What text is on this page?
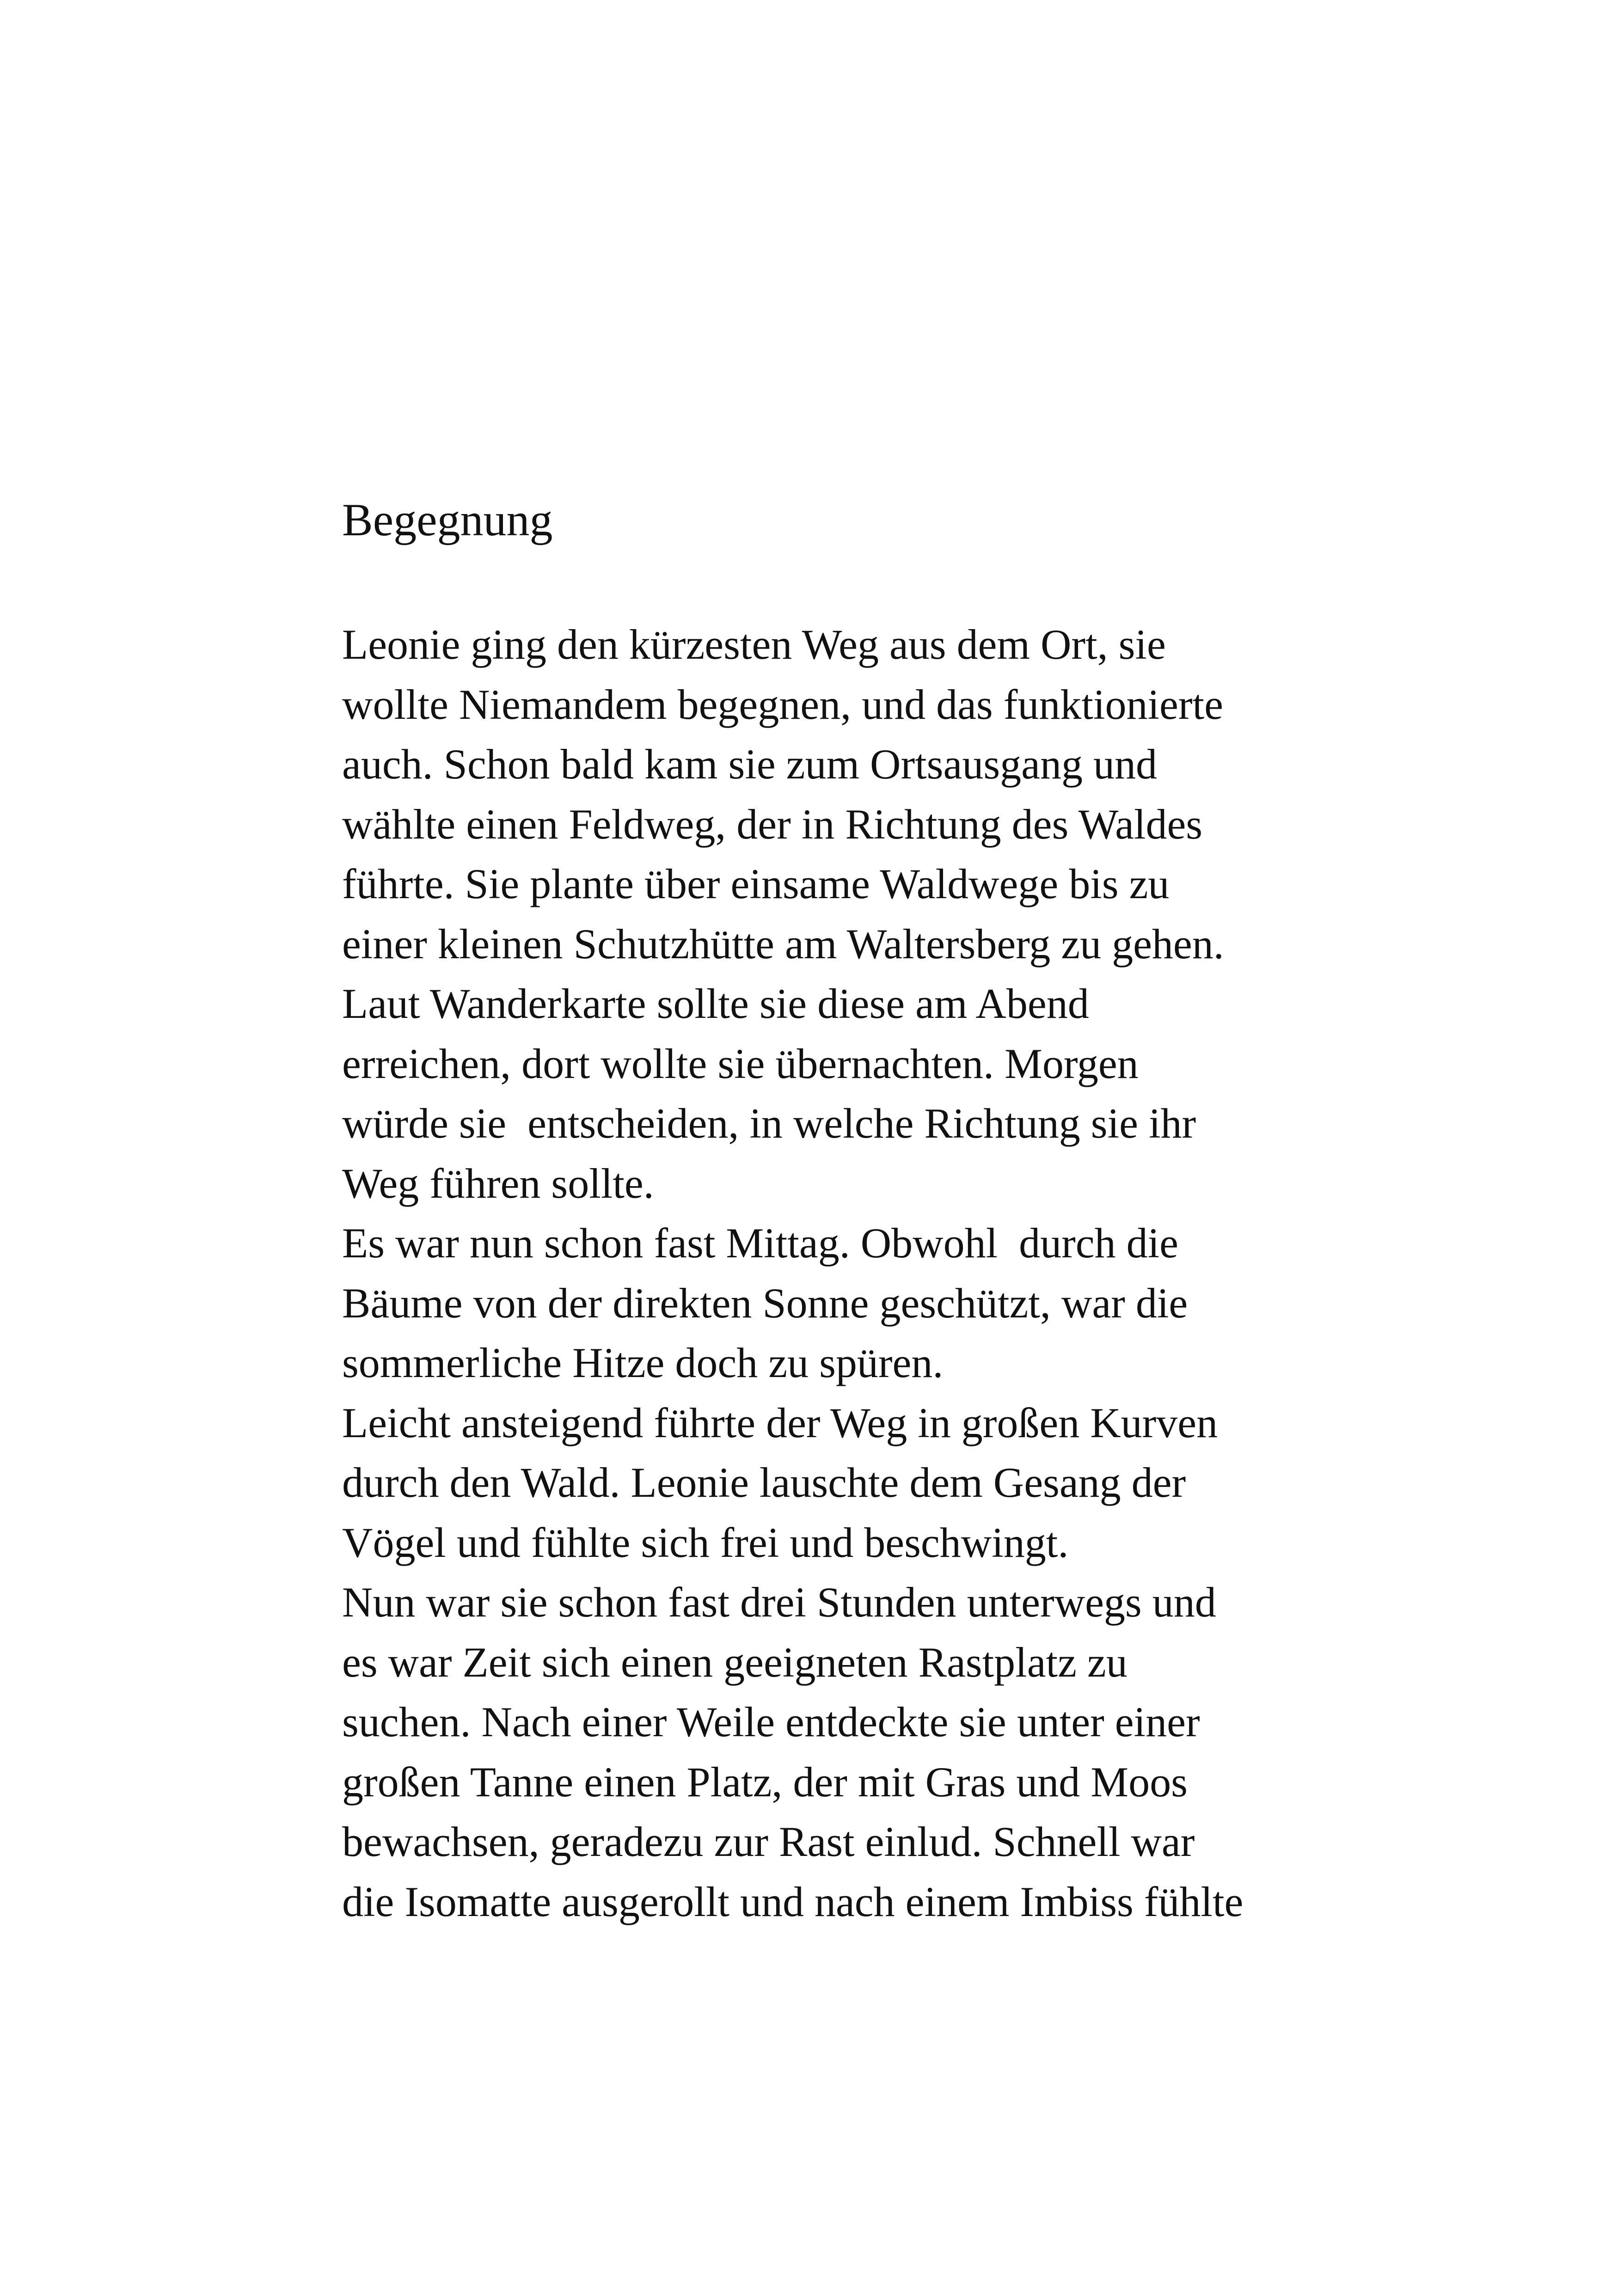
Begegnung

Leonie ging den kürzesten Weg aus dem Ort, sie

wollte Niemandem begegnen, und das funktionierte

auch. Schon bald kam sie zum Ortsausgang und

wählte einen Feldweg, der in Richtung des Waldes

führte. Sie plante über einsame Waldwege bis zu

einer kleinen Schutzhütte am Waltersberg zu gehen.

Laut Wanderkarte sollte sie diese am Abend

erreichen, dort wollte sie übernachten. Morgen

würde sie  entscheiden, in welche Richtung sie ihr

Weg führen sollte.

Es war nun schon fast Mittag. Obwohl  durch die

Bäume von der direkten Sonne geschützt, war die

sommerliche Hitze doch zu spüren.

Leicht ansteigend führte der Weg in großen Kurven

durch den Wald. Leonie lauschte dem Gesang der

Vögel und fühlte sich frei und beschwingt.

Nun war sie schon fast drei Stunden unterwegs und

es war Zeit sich einen geeigneten Rastplatz zu

suchen. Nach einer Weile entdeckte sie unter einer

großen Tanne einen Platz, der mit Gras und Moos

bewachsen, geradezu zur Rast einlud. Schnell war

die Isomatte ausgerollt und nach einem Imbiss fühlte
